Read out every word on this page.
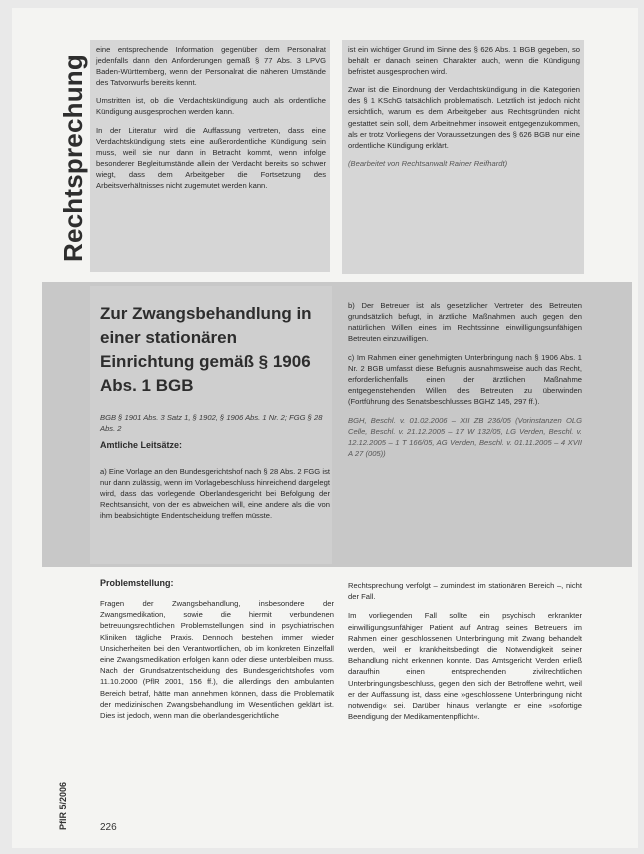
Rechtsprechung

eine entsprechende Information gegenüber dem Personalrat jedenfalls dann den Anforderungen gemäß § 77 Abs. 3 LPVG Baden-Württemberg, wenn der Personalrat die näheren Umstände des Tatvorwurfs bereits kennt.

Umstritten ist, ob die Verdachtskündigung auch als ordentliche Kündigung ausgesprochen werden kann.

In der Literatur wird die Auffassung vertreten, dass eine Verdachtskündigung stets eine außerordentliche Kündigung sein muss, weil sie nur dann in Betracht kommt, wenn infolge besonderer Begleitumstände allein der Verdacht bereits so schwer wiegt, dass dem Arbeitgeber die Fortsetzung des Arbeitsverhältnisses nicht zugemutet werden kann.

ist ein wichtiger Grund im Sinne des § 626 Abs. 1 BGB gegeben, so behält er danach seinen Charakter auch, wenn die Kündigung befristet ausgesprochen wird.

Zwar ist die Einordnung der Verdachtskündigung in die Kategorien des § 1 KSchG tatsächlich problematisch. Letztlich ist jedoch nicht ersichtlich, warum es dem Arbeitgeber aus Rechtsgründen nicht gestattet sein soll, dem Arbeitnehmer insoweit entgegenzukommen, als er trotz Vorliegens der Voraussetzungen des § 626 BGB nur eine ordentliche Kündigung erklärt.

(Bearbeitet von Rechtsanwalt Rainer Reifhardt)

Zur Zwangsbehandlung in einer stationären Einrichtung gemäß § 1906 Abs. 1 BGB
BGB § 1901 Abs. 3 Satz 1, § 1902, § 1906 Abs. 1 Nr. 2; FGG § 28 Abs. 2
Amtliche Leitsätze:
a) Eine Vorlage an den Bundesgerichtshof nach § 28 Abs. 2 FGG ist nur dann zulässig, wenn im Vorlagebeschluss hinreichend dargelegt wird, dass das vorlegende Oberlandesgericht bei Befolgung der Rechtsansicht, von der es abweichen will, eine andere als die von ihm beabsichtigte Endentscheidung treffen müsste.

b) Der Betreuer ist als gesetzlicher Vertreter des Betreuten grundsätzlich befugt, in ärztliche Maßnahmen auch gegen den natürlichen Willen eines im Rechtssinne einwilligungsunfähigen Betreuten einzuwilligen.

c) Im Rahmen einer genehmigten Unterbringung nach § 1906 Abs. 1 Nr. 2 BGB umfasst diese Befugnis ausnahmsweise auch das Recht, erforderlichenfalls einen der ärztlichen Maßnahme entgegenstehenden Willen des Betreuten zu überwinden (Fortführung des Senatsbeschlusses BGHZ 145, 297 ff.).

BGH, Beschl. v. 01.02.2006 – XII ZB 236/05 (Vorinstanzen OLG Celle, Beschl. v. 21.12.2005 – 17 W 132/05, LG Verden, Beschl. v. 12.12.2005 – 1 T 166/05, AG Verden, Beschl. v. 01.11.2005 – 4 XVII A 27 (005))

Problemstellung:
Fragen der Zwangsbehandlung, insbesondere der Zwangsmedikation, sowie die hiermit verbundenen betreuungsrechtlichen Problemstellungen sind in psychiatrischen Kliniken tägliche Praxis. Dennoch bestehen immer wieder Unsicherheiten bei den Verantwortlichen, ob im konkreten Einzelfall eine Zwangsmedikation erfolgen kann oder diese unterbleiben muss. Nach der Grundsatzentscheidung des Bundesgerichtshofes vom 11.10.2000 (PflR 2001, 156 ff.), die allerdings den ambulanten Bereich betraf, hätte man annehmen können, dass die Problematik der medizinischen Zwangsbehandlung im Wesentlichen geklärt ist. Dies ist jedoch, wenn man die oberlandesgerichtliche

Rechtsprechung verfolgt – zumindest im stationären Bereich –, nicht der Fall.

Im vorliegenden Fall sollte ein psychisch erkrankter einwilligungsunfähiger Patient auf Antrag seines Betreuers im Rahmen einer geschlossenen Unterbringung mit Zwang behandelt werden, weil er krankheitsbedingt die Notwendigkeit seiner Behandlung nicht erkennen konnte. Das Amtsgericht Verden erließ daraufhin einen entsprechenden zivilrechtlichen Unterbringungsbeschluss, gegen den sich der Betroffene wehrt, weil er der Auffassung ist, dass eine »geschlossene Unterbringung nicht notwendig« sei. Darüber hinaus verlangte er eine »sofortige Beendigung der Medikamentenpflicht«.

PflR 5/2006	226
